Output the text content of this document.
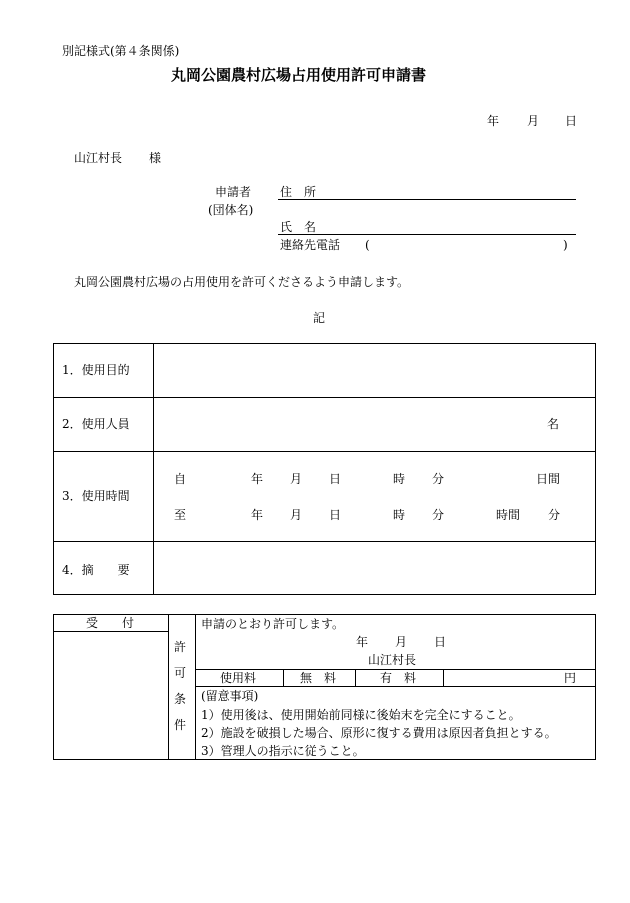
別記様式(第４条関係)
丸岡公園農村広場占用使用許可申請書
年 月 日
山江村長 様
申請者
(団体名)
住　所
氏　名
連絡先電話 (	)
丸岡公園農村広場の占用使用を許可くださるよう申請します。
記
1．使用目的
2．使用人員	名
3．使用時間
自	年 月 日	時 分	日間
至	年 月 日	時 分	時間 分
4．摘　　要
受　　付
許
可
条
件
申請のとおり許可します。
年 月 日
山江村長
使用料	無　料	有　料	円
(留意事項)
1）使用後は、使用開始前同様に後始末を完全にすること。
2）施設を破損した場合、原形に復する費用は原因者負担とする。
3）管理人の指示に従うこと。
